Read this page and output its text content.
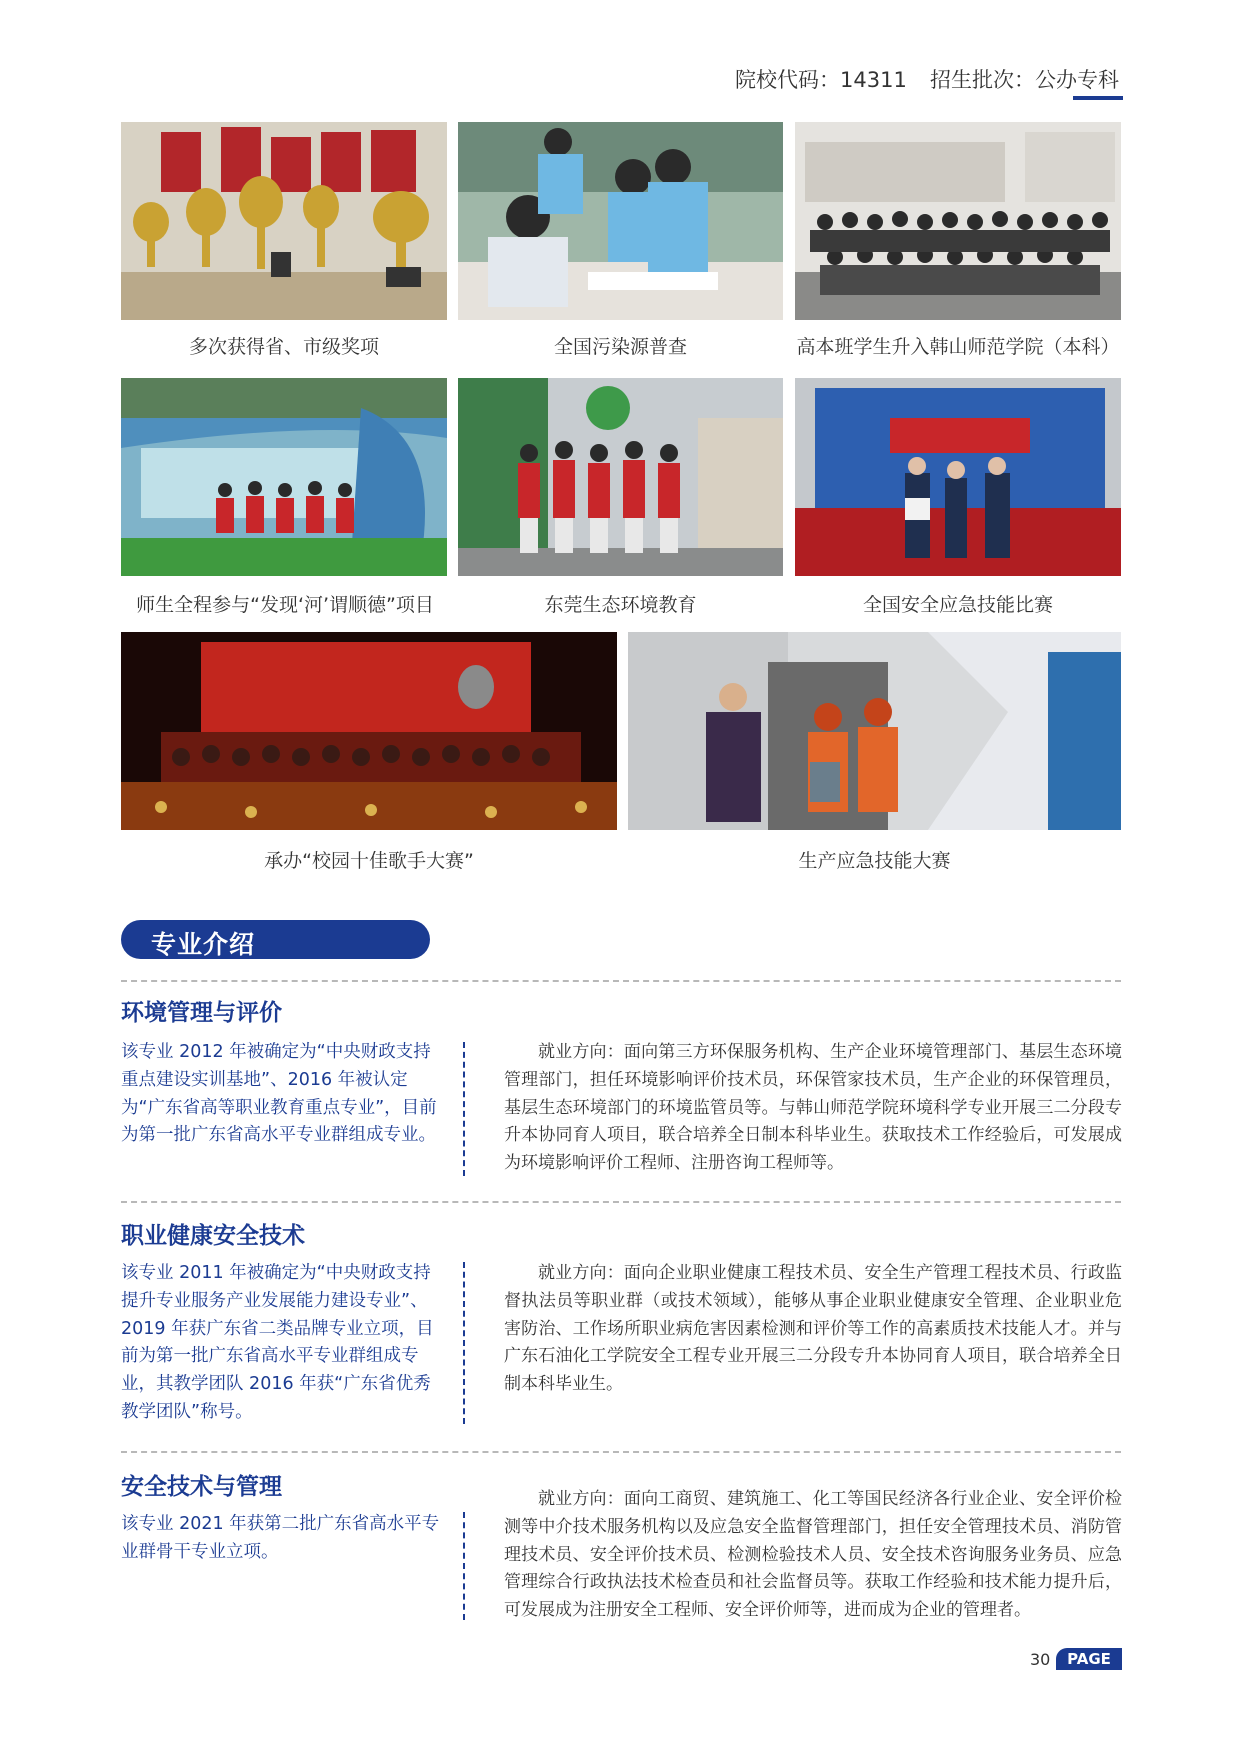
院校代码：14311 招生批次：公办专科
多次获得省、市级奖项	全国污染源普查	高本班学生升入韩山师范学院（本科）
师生全程参与“发现‘河’谓顺德”项目	东莞生态环境教育	全国安全应急技能比赛
承办“校园十佳歌手大赛”	生产应急技能大赛
专业介绍
环境管理与评价
该专业 2012 年被确定为“中央财政支持重点建设实训基地”、2016 年被认定为“广东省高等职业教育重点专业”，目前为第一批广东省高水平专业群组成专业。
就业方向：面向第三方环保服务机构、生产企业环境管理部门、基层生态环境管理部门，担任环境影响评价技术员，环保管家技术员，生产企业的环保管理员，基层生态环境部门的环境监管员等。与韩山师范学院环境科学专业开展三二分段专升本协同育人项目，联合培养全日制本科毕业生。获取技术工作经验后，可发展成为环境影响评价工程师、注册咨询工程师等。
职业健康安全技术
该专业 2011 年被确定为“中央财政支持提升专业服务产业发展能力建设专业”、2019 年获广东省二类品牌专业立项，目前为第一批广东省高水平专业群组成专业，其教学团队 2016 年获“广东省优秀教学团队”称号。
就业方向：面向企业职业健康工程技术员、安全生产管理工程技术员、行政监督执法员等职业群（或技术领域），能够从事企业职业健康安全管理、企业职业危害防治、工作场所职业病危害因素检测和评价等工作的高素质技术技能人才。并与广东石油化工学院安全工程专业开展三二分段专升本协同育人项目，联合培养全日制本科毕业生。
安全技术与管理
该专业 2021 年获第二批广东省高水平专业群骨干专业立项。
就业方向：面向工商贸、建筑施工、化工等国民经济各行业企业、安全评价检测等中介技术服务机构以及应急安全监督管理部门，担任安全管理技术员、消防管理技术员、安全评价技术员、检测检验技术人员、安全技术咨询服务业务员、应急管理综合行政执法技术检查员和社会监督员等。获取工作经验和技术能力提升后，可发展成为注册安全工程师、安全评价师等，进而成为企业的管理者。
30	PAGE
